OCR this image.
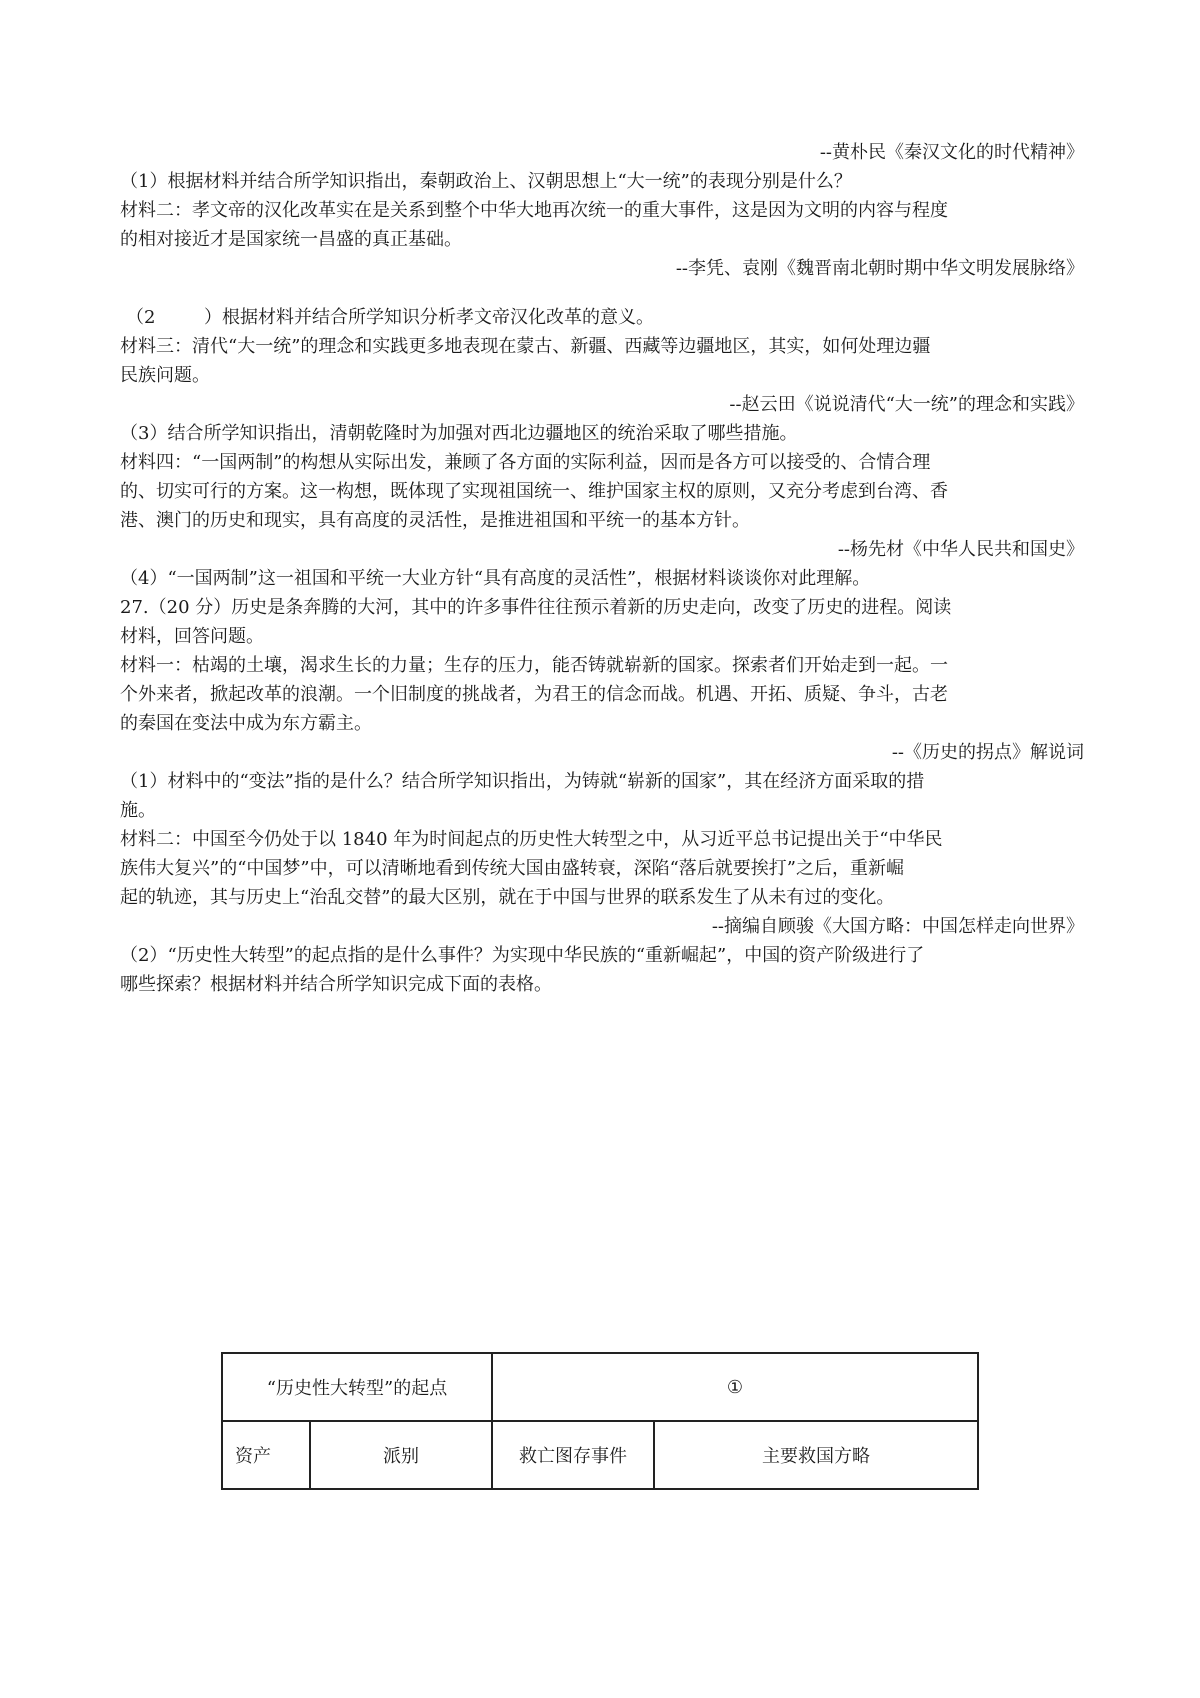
--黄朴民《秦汉文化的时代精神》

（1）根据材料并结合所学知识指出，秦朝政治上、汉朝思想上“大一统”的表现分别是什么？

材料二：孝文帝的汉化改革实在是关系到整个中华大地再次统一的重大事件，这是因为文明的内容与程度

的相对接近才是国家统一昌盛的真正基础。

--李凭、袁刚《魏晋南北朝时期中华文明发展脉络》

（2	）根据材料并结合所学知识分析孝文帝汉化改革的意义。

材料三：清代“大一统”的理念和实践更多地表现在蒙古、新疆、西藏等边疆地区，其实，如何处理边疆

民族问题。

--赵云田《说说清代“大一统”的理念和实践》

（3）结合所学知识指出，清朝乾隆时为加强对西北边疆地区的统治采取了哪些措施。

材料四：“一国两制”的构想从实际出发，兼顾了各方面的实际利益，因而是各方可以接受的、合情合理

的、切实可行的方案。这一构想，既体现了实现祖国统一、维护国家主权的原则，又充分考虑到台湾、香

港、澳门的历史和现实，具有高度的灵活性，是推进祖国和平统一的基本方针。

--杨先材《中华人民共和国史》

（4）“一国两制”这一祖国和平统一大业方针“具有高度的灵活性”，根据材料谈谈你对此理解。

27.（20 分）历史是条奔腾的大河，其中的许多事件往往预示着新的历史走向，改变了历史的进程。阅读

材料，回答问题。

材料一：枯竭的土壤，渴求生长的力量；生存的压力，能否铸就崭新的国家。探索者们开始走到一起。一

个外来者，掀起改革的浪潮。一个旧制度的挑战者，为君王的信念而战。机遇、开拓、质疑、争斗，古老

的秦国在变法中成为东方霸主。

--《历史的拐点》解说词

（1）材料中的“变法”指的是什么？结合所学知识指出，为铸就“崭新的国家”，其在经济方面采取的措

施。

材料二：中国至今仍处于以 1840 年为时间起点的历史性大转型之中，从习近平总书记提出关于“中华民

族伟大复兴”的“中国梦”中，可以清晰地看到传统大国由盛转衰，深陷“落后就要挨打”之后，重新崛

起的轨迹，其与历史上“治乱交替”的最大区别，就在于中国与世界的联系发生了从未有过的变化。

--摘编自顾骏《大国方略：中国怎样走向世界》

（2）“历史性大转型”的起点指的是什么事件？为实现中华民族的“重新崛起”，中国的资产阶级进行了

哪些探索？根据材料并结合所学知识完成下面的表格。

“历史性大转型”的起点		①	
资产	派别	救亡图存事件	主要救国方略
